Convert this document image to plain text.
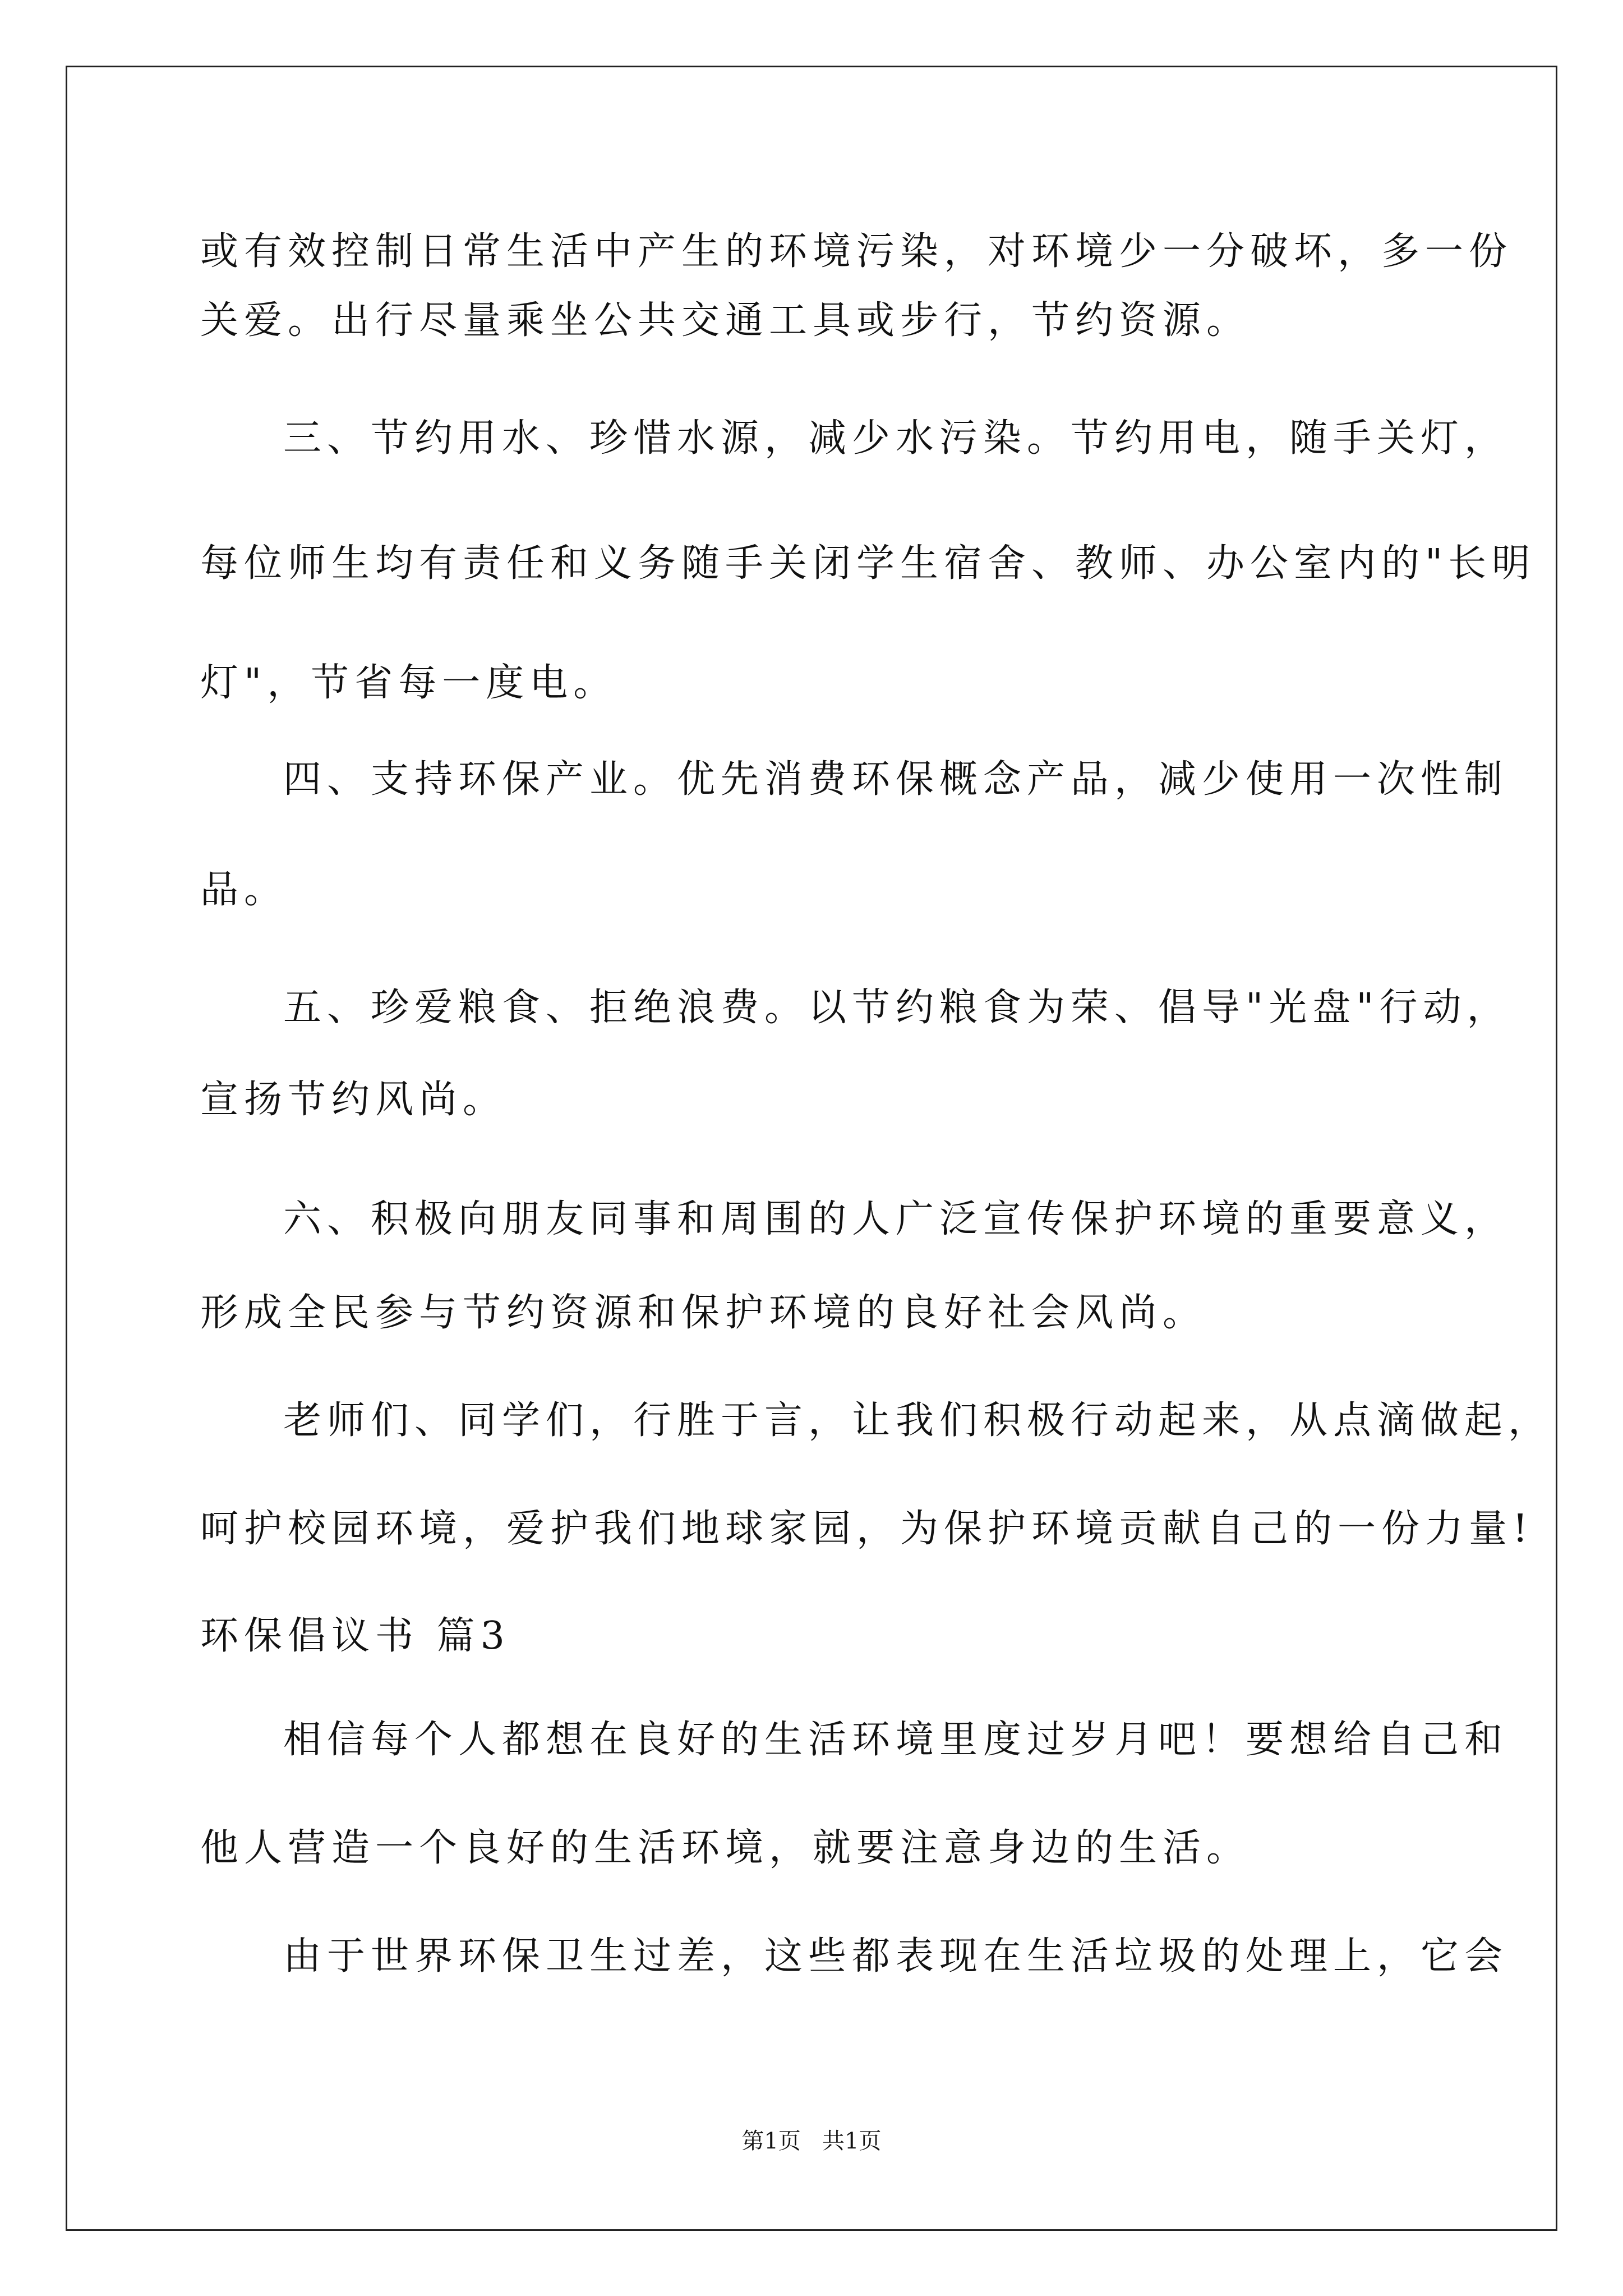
或有效控制日常生活中产生的环境污染，对环境少一分破坏，多一份
关爱。出行尽量乘坐公共交通工具或步行，节约资源。
三、节约用水、珍惜水源，减少水污染。节约用电，随手关灯，
每位师生均有责任和义务随手关闭学生宿舍、教师、办公室内的"长明
灯"，节省每一度电。
四、支持环保产业。优先消费环保概念产品，减少使用一次性制
品。
五、珍爱粮食、拒绝浪费。以节约粮食为荣、倡导"光盘"行动，
宣扬节约风尚。
六、积极向朋友同事和周围的人广泛宣传保护环境的重要意义，
形成全民参与节约资源和保护环境的良好社会风尚。
老师们、同学们，行胜于言，让我们积极行动起来，从点滴做起，
呵护校园环境，爱护我们地球家园，为保护环境贡献自己的一份力量!
环保倡议书 篇3
相信每个人都想在良好的生活环境里度过岁月吧！要想给自己和
他人营造一个良好的生活环境，就要注意身边的生活。
由于世界环保卫生过差，这些都表现在生活垃圾的处理上，它会
第1页   共1页
